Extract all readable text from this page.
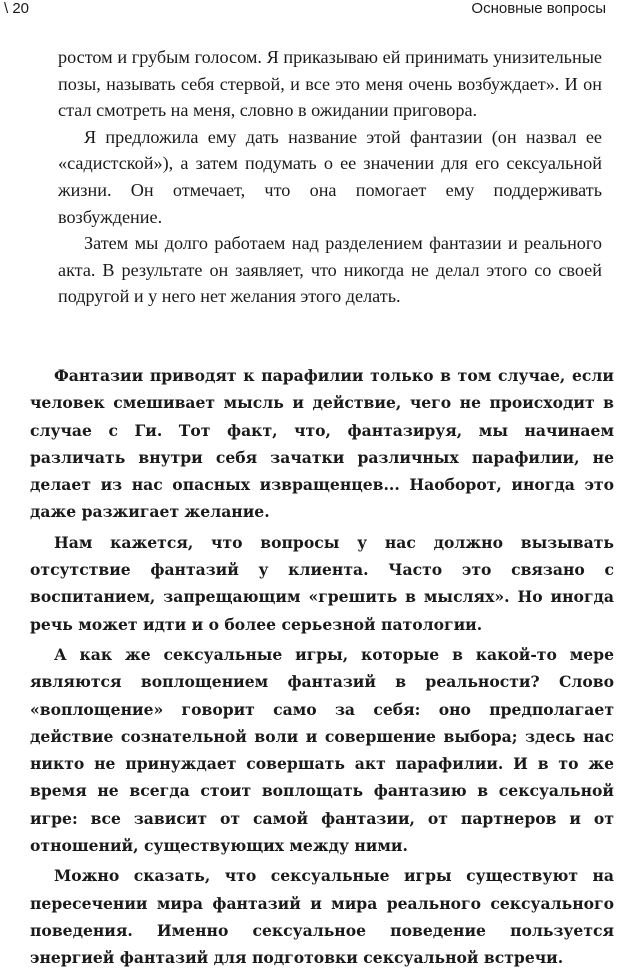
\ 20	Основные вопросы

ростом и грубым голосом. Я приказываю ей принимать унизительные позы, называть себя стервой, и все это меня очень возбуждает». И он стал смотреть на меня, словно в ожидании приговора.

Я предложила ему дать название этой фантазии (он назвал ее «садистской»), а затем подумать о ее значении для его сексуальной жизни. Он отмечает, что она помогает ему поддерживать возбуждение.

Затем мы долго работаем над разделением фантазии и реального акта. В результате он заявляет, что никогда не делал этого со своей подругой и у него нет желания этого делать.

Фантазии приводят к парафилии только в том случае, если человек смешивает мысль и действие, чего не происходит в случае с Ги. Тот факт, что, фантазируя, мы начинаем различать внутри себя зачатки различных парафилии, не делает из нас опасных извращенцев... Наоборот, иногда это даже разжигает желание.

Нам кажется, что вопросы у нас должно вызывать отсутствие фантазий у клиента. Часто это связано с воспитанием, запрещающим «грешить в мыслях». Но иногда речь может идти и о более серьезной патологии.

А как же сексуальные игры, которые в какой-то мере являются воплощением фантазий в реальности? Слово «воплощение» говорит само за себя: оно предполагает действие сознательной воли и совершение выбора; здесь нас никто не принуждает совершать акт парафилии. И в то же время не всегда стоит воплощать фантазию в сексуальной игре: все зависит от самой фантазии, от партнеров и от отношений, существующих между ними.

Можно сказать, что сексуальные игры существуют на пересечении мира фантазий и мира реального сексуального поведения. Именно сексуальное поведение пользуется энергией фантазий для подготовки сексуальной встречи.
